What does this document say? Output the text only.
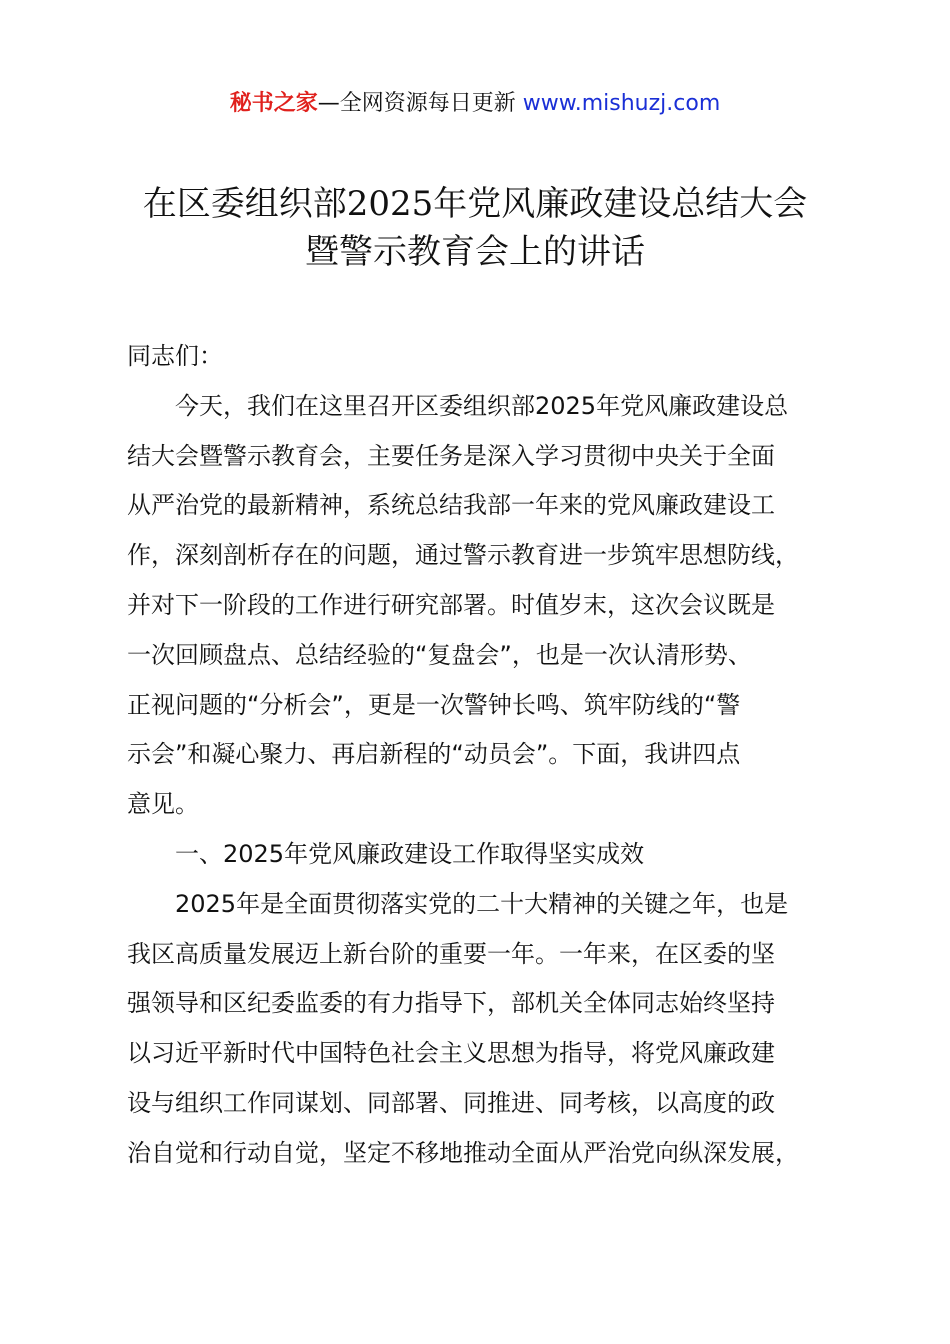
秘书之家—全网资源每日更新 www.mishuzj.com
在区委组织部2025年党风廉政建设总结大会
暨警示教育会上的讲话

同志们：

今天，我们在这里召开区委组织部2025年党风廉政建设总
结大会暨警示教育会，主要任务是深入学习贯彻中央关于全面
从严治党的最新精神，系统总结我部一年来的党风廉政建设工
作，深刻剖析存在的问题，通过警示教育进一步筑牢思想防线，
并对下一阶段的工作进行研究部署。时值岁末，这次会议既是
一次回顾盘点、总结经验的“复盘会”，也是一次认清形势、
正视问题的“分析会”，更是一次警钟长鸣、筑牢防线的“警
示会”和凝心聚力、再启新程的“动员会”。下面，我讲四点
意见。

一、2025年党风廉政建设工作取得坚实成效

2025年是全面贯彻落实党的二十大精神的关键之年，也是
我区高质量发展迈上新台阶的重要一年。一年来，在区委的坚
强领导和区纪委监委的有力指导下，部机关全体同志始终坚持
以习近平新时代中国特色社会主义思想为指导，将党风廉政建
设与组织工作同谋划、同部署、同推进、同考核，以高度的政
治自觉和行动自觉，坚定不移地推动全面从严治党向纵深发展，
